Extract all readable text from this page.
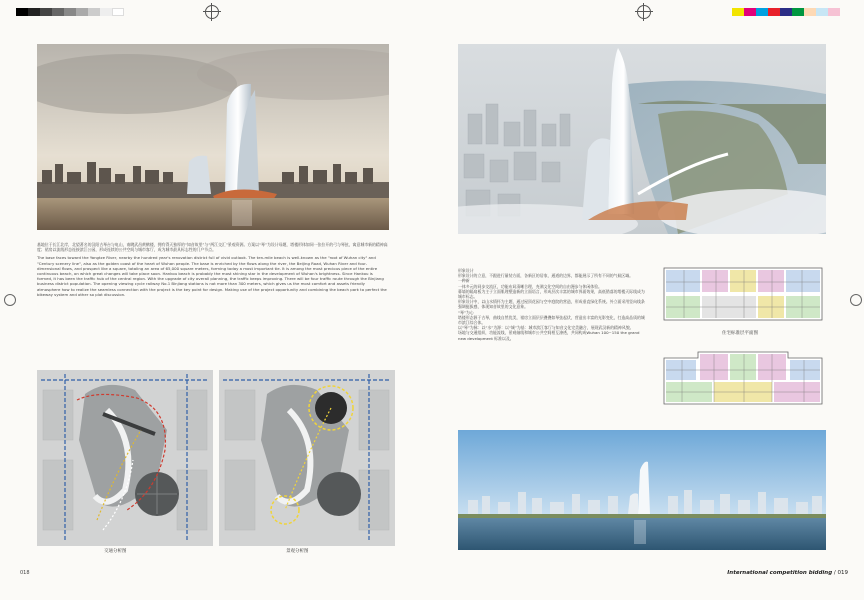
基地位于长江北岸，北望著名的汉阳古琴台与龟山，南眺武昌黄鹤楼，拥有得天独厚的“知音故里”与“两江交汇”景观资源。方案以“琴”为设计母题，塔楼形体如同一张拉开的弓与琴弦，寓意城市新的精神高度；裙房以流线形态连接滨江公园，形成连续的公共空间与城市客厅，成为城市最具标志性的门户节点。

The base faces toward the Yangtze River, nearby the hundred year's renovation district full of vivid outlook. The ten-mile beach is well-known as the "root of Wuhan city" and "Century scenery line", also as the golden coast of the heart of Wuhan people. The base is enriched by the flows along the river, the Beijing Road, Wuhan River and four-dimensional flows, and prospect like a square, totaling an area of 65,000 square meters, forming today a most important tie. It is among the most precious piece of the entire continuous beach, on which great changes will take place soon. Hankou beach is probably the most shining star in the development of Wuhan's brightness. Since Hankou is formed, it has been the traffic hub of the central region. With the upgrade of city overall planning, the traffic keeps improving. There will be four traffic route through the Binjiang business district population. The opening viewing cycle railway No.1 Binjiang stations is not more than 300 meters, which gives us the most comfort and assets friendly atmosphere how to realize the seamless connection with the project is the key point for design. Making use of the project opportunity and combining the beach park to perfect the bikeway system and other so plot discussion.

交通分析图	景观分析图
018

形象设计
形象设计的立意，不跟进行量装方面，各新区的居家，通道的边界，都能展示了所有不同的气候区域。
一种新
一体多元的同步交流区，功能布局清晰合理，充满文化空间的自由漫步与休闲体验。
幕墙的隔扇板为主于立面肌理塑造新的立面语言，形成层次丰富的城市界面效果，高低错落的塔楼天际线成为城市标志。
形象设计中，以山水情怀为主题，通过屋顶花园与空中庭院的营造，形成垂直绿化系统。外立面采用竖向线条强调挺拔感，体现知音故里的文化意象。
“琴”为心
塔楼形态源于古琴，曲线自然优美，裙房立面层层叠叠如琴弦起伏，营造出丰富的光影变化，打造高品质的城市滨江综合体。
以“琴”为脉：以“水”为源：以“城”为基：城市滨江客厅与知音文化完美融合，展现武汉新的精神风貌。
场地与交通组织，功能流线，景观轴线和城市公共空间相互渗透，共同构成Wuhan 100~150 the grand new development 标准以及。

住宅标准层平面图
International competition bidding / 019
